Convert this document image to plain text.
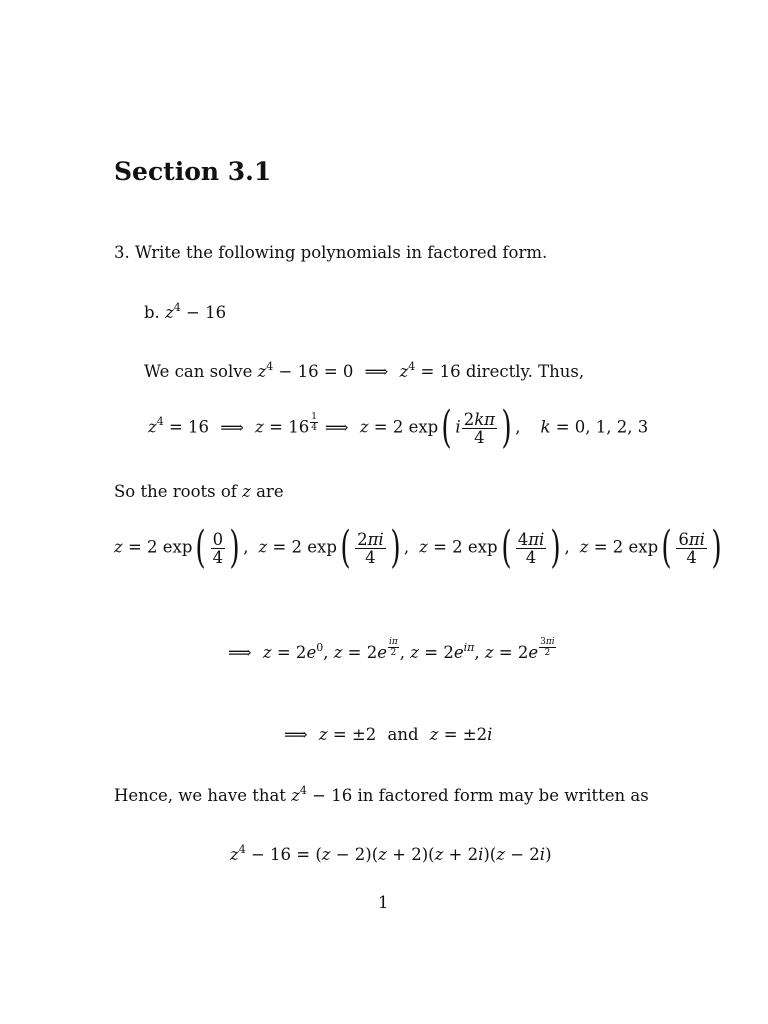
Section 3.1
3. Write the following polynomials in factored form.
b. $z^4 - 16$
We can solve $z^4 - 16 = 0$ ⟹ $z^4 = 16$ directly. Thus,
$z^4 = 16$ ⟹ z = 16 $^{\frac{1}{4}}$ ⟹ z = 2 exp( i $\frac{2k\pi}{4}$ ) , k = 0, 1, 2, 3
So the roots of z are
z = 2 $\exp( \frac{0}{4}$ ) , z = 2 $\exp( \frac{2\pi i}{4}$ ) , z = 2 $\exp( \frac{4\pi i}{4}$ ) , z = 2 $\exp( \frac{6\pi i}{4}$ )
⟹ $z = 2e^0$, z = 2e $^{\frac{i\pi}{2}}$ , $z = 2e^{i\pi}$, z = 2e $^{\frac{3\pi i}{2}}$
⟹ z = ±2 and z = ±2i
Hence, we have that $z^4 - 16$ in factored form may be written as
$z^4 - 16 = (z - 2)(z + 2)(z + 2i)(z - 2i)$
1
